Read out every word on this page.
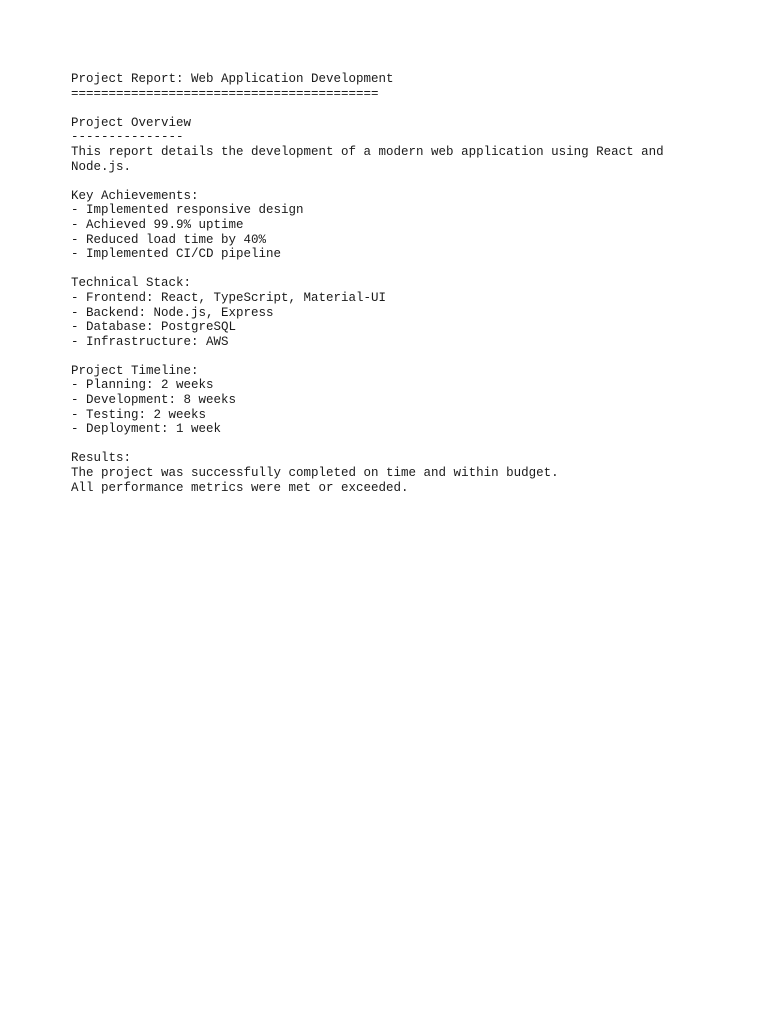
Project Report: Web Application Development
=========================================
Project Overview
---------------
This report details the development of a modern web application using React and
Node.js.
Key Achievements:
- Implemented responsive design
- Achieved 99.9% uptime
- Reduced load time by 40%
- Implemented CI/CD pipeline
Technical Stack:
- Frontend: React, TypeScript, Material-UI
- Backend: Node.js, Express
- Database: PostgreSQL
- Infrastructure: AWS
Project Timeline:
- Planning: 2 weeks
- Development: 8 weeks
- Testing: 2 weeks
- Deployment: 1 week
Results:
The project was successfully completed on time and within budget.
All performance metrics were met or exceeded.
